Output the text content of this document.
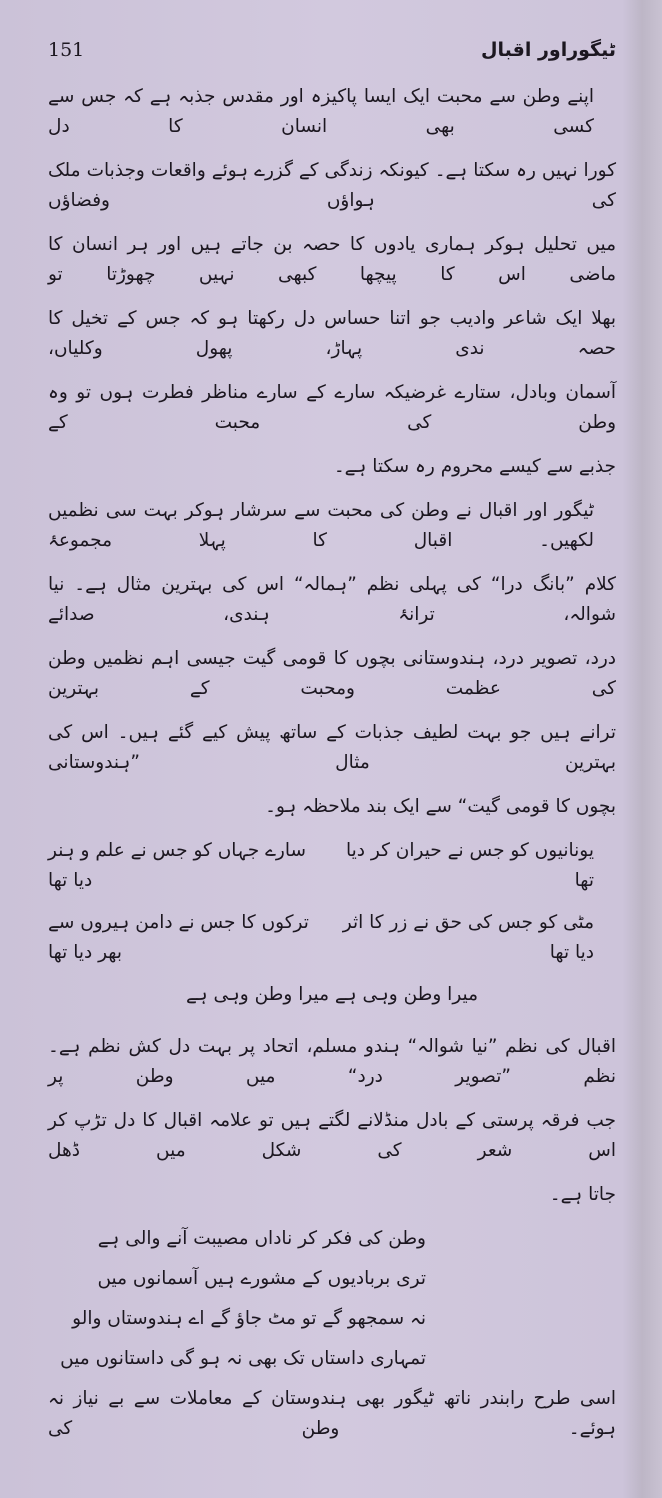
ٹیگوراور اقبال
151
اپنے وطن سے محبت ایک ایسا پاکیزہ اور مقدس جذبہ ہے کہ جس سے کسی بھی انسان کا دل
کورا نہیں رہ سکتا ہے۔ کیونکہ زندگی کے گزرے ہوئے واقعات وجذبات ملک کی ہواؤں وفضاؤں
میں تحلیل ہوکر ہماری یادوں کا حصہ بن جاتے ہیں اور ہر انسان کا ماضی اس کا پیچھا کبھی نہیں چھوڑتا تو
بھلا ایک شاعر وادیب جو اتنا حساس دل رکھتا ہو کہ جس کے تخیل کا حصہ ندی پہاڑ، پھول وکلیاں،
آسمان وبادل، ستارے غرضیکہ سارے کے سارے مناظر فطرت ہوں تو وہ وطن کی محبت کے
جذبے سے کیسے محروم رہ سکتا ہے۔
ٹیگور اور اقبال نے وطن کی محبت سے سرشار ہوکر بہت سی نظمیں لکھیں۔ اقبال کا پہلا مجموعۂ
کلام ”بانگ درا“ کی پہلی نظم ”ہمالہ“ اس کی بہترین مثال ہے۔ نیا شوالہ، ترانۂ ہندی، صدائے
درد، تصویر درد، ہندوستانی بچوں کا قومی گیت جیسی اہم نظمیں وطن کی عظمت ومحبت کے بہترین
ترانے ہیں جو بہت لطیف جذبات کے ساتھ پیش کیے گئے ہیں۔ اس کی بہترین مثال ”ہندوستانی
بچوں کا قومی گیت“ سے ایک بند ملاحظہ ہو۔
یونانیوں کو جس نے حیران کر دیا تھا
سارے جہاں کو جس نے علم و ہنر دیا تھا
مٹی کو جس کی حق نے زر کا اثر دیا تھا
ترکوں کا جس نے دامن ہیروں سے بھر دیا تھا
میرا وطن وہی ہے میرا وطن وہی ہے
اقبال کی نظم ”نیا شوالہ“ ہندو مسلم، اتحاد پر بہت دل کش نظم ہے۔ نظم ”تصویر درد“ میں وطن پر
جب فرقہ پرستی کے بادل منڈلانے لگتے ہیں تو علامہ اقبال کا دل تڑپ کر اس شعر کی شکل میں ڈھل
جاتا ہے۔
وطن کی فکر کر ناداں مصیبت آنے والی ہے
تری بربادیوں کے مشورے ہیں آسمانوں میں
نہ سمجھو گے تو مٹ جاؤ گے اے ہندوستاں والو
تمہاری داستاں تک بھی نہ ہو گی داستانوں میں
اسی طرح رابندر ناتھ ٹیگور بھی ہندوستان کے معاملات سے بے نیاز نہ ہوئے۔ وطن کی
